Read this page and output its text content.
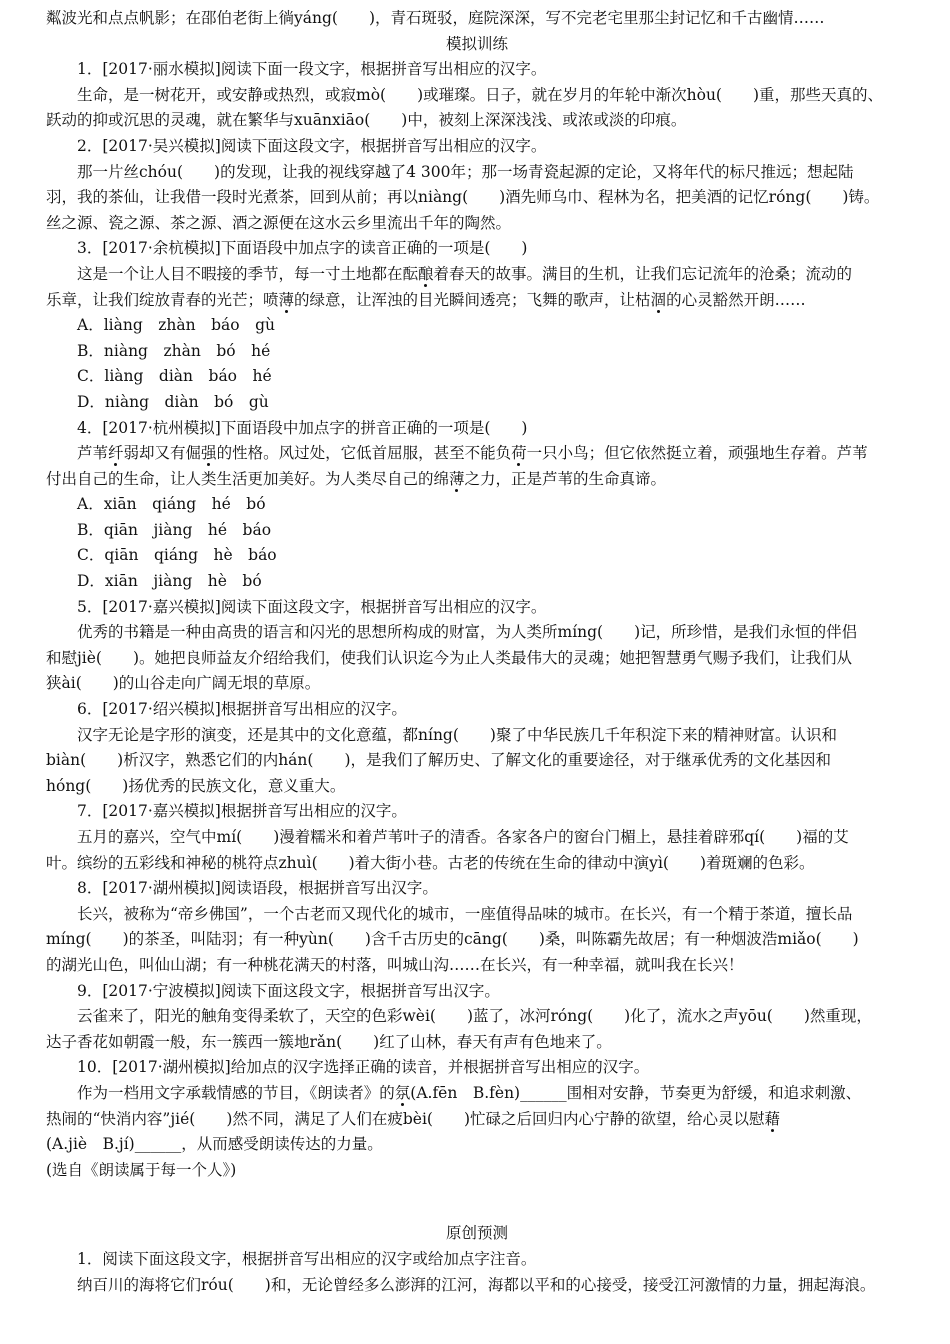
粼波光和点点帆影；在邵伯老街上徜yáng(　　)，青石斑驳，庭院深深，写不完老宅里那尘封记忆和千古幽情……

模拟训练

1．[2017·丽水模拟]阅读下面一段文字，根据拼音写出相应的汉字。

生命，是一树花开，或安静或热烈，或寂mò(　　)或璀璨。日子，就在岁月的年轮中渐次hòu(　　)重，那些天真的、

跃动的抑或沉思的灵魂，就在繁华与xuānxiāo(　　)中，被刻上深深浅浅、或浓或淡的印痕。

2．[2017·吴兴模拟]阅读下面这段文字，根据拼音写出相应的汉字。

那一片丝chóu(　　)的发现，让我的视线穿越了4 300年；那一场青瓷起源的定论，又将年代的标尺推远；想起陆

羽，我的茶仙，让我借一段时光煮茶，回到从前；再以niàng(　　)酒先师乌巾、程林为名，把美酒的记忆róng(　　)铸。

丝之源、瓷之源、茶之源、酒之源便在这水云乡里流出千年的陶然。

3．[2017·余杭模拟]下面语段中加点字的读音正确的一项是(　　)

这是一个让人目不暇接的季节，每一寸土地都在酝酿着春天的故事。满目的生机，让我们忘记流年的沧桑；流动的

乐章，让我们绽放青春的光芒；喷薄的绿意，让浑浊的目光瞬间透亮；飞舞的歌声，让枯涸的心灵豁然开朗……

A．liàng　zhàn　báo　gù

B．niàng　zhàn　bó　hé

C．liàng　diàn　báo　hé

D．niàng　diàn　bó　gù

4．[2017·杭州模拟]下面语段中加点字的拼音正确的一项是(　　)

芦苇纤弱却又有倔强的性格。风过处，它低首屈服，甚至不能负荷一只小鸟；但它依然挺立着，顽强地生存着。芦苇

付出自己的生命，让人类生活更加美好。为人类尽自己的绵薄之力，正是芦苇的生命真谛。

A．xiān　qiáng　hé　bó

B．qiān　jiàng　hé　báo

C．qiān　qiáng　hè　báo

D．xiān　jiàng　hè　bó

5．[2017·嘉兴模拟]阅读下面这段文字，根据拼音写出相应的汉字。

优秀的书籍是一种由高贵的语言和闪光的思想所构成的财富，为人类所míng(　　)记，所珍惜，是我们永恒的伴侣

和慰jiè(　　)。她把良师益友介绍给我们，使我们认识迄今为止人类最伟大的灵魂；她把智慧勇气赐予我们，让我们从

狭ài(　　)的山谷走向广阔无垠的草原。

6．[2017·绍兴模拟]根据拼音写出相应的汉字。

汉字无论是字形的演变，还是其中的文化意蕴，都níng(　　)聚了中华民族几千年积淀下来的精神财富。认识和

biàn(　　)析汉字，熟悉它们的内hán(　　)，是我们了解历史、了解文化的重要途径，对于继承优秀的文化基因和

hóng(　　)扬优秀的民族文化，意义重大。

7．[2017·嘉兴模拟]根据拼音写出相应的汉字。

五月的嘉兴，空气中mí(　　)漫着糯米和着芦苇叶子的清香。各家各户的窗台门楣上，悬挂着辟邪qí(　　)福的艾

叶。缤纷的五彩线和神秘的桃符点zhuì(　　)着大街小巷。古老的传统在生命的律动中演yì(　　)着斑斓的色彩。

8．[2017·湖州模拟]阅读语段，根据拼音写出汉字。

长兴，被称为“帝乡佛国”，一个古老而又现代化的城市，一座值得品味的城市。在长兴，有一个精于茶道，擅长品

míng(　　)的茶圣，叫陆羽；有一种yùn(　　)含千古历史的cāng(　　)桑，叫陈霸先故居；有一种烟波浩miǎo(　　)

的湖光山色，叫仙山湖；有一种桃花满天的村落，叫城山沟……在长兴，有一种幸福，就叫我在长兴！

9．[2017·宁波模拟]阅读下面这段文字，根据拼音写出汉字。

云雀来了，阳光的触角变得柔软了，天空的色彩wèi(　　)蓝了，冰河róng(　　)化了，流水之声yōu(　　)然重现，

达子香花如朝霞一般，东一簇西一簇地rǎn(　　)红了山林，春天有声有色地来了。

10．[2017·湖州模拟]给加点的汉字选择正确的读音，并根据拼音写出相应的汉字。

作为一档用文字承载情感的节目，《朗读者》的氛(A.fēn　B.fèn)______围相对安静，节奏更为舒缓，和追求刺激、

热闹的“快消内容”jié(　　)然不同，满足了人们在疲bèi(　　)忙碌之后回归内心宁静的欲望，给心灵以慰藉

(A.jiè　B.jí)______，从而感受朗读传达的力量。

(选自《朗读属于每一个人》)

原创预测

1．阅读下面这段文字，根据拼音写出相应的汉字或给加点字注音。

纳百川的海将它们róu(　　)和，无论曾经多么澎湃的江河，海都以平和的心接受，接受江河激情的力量，拥起海浪。
